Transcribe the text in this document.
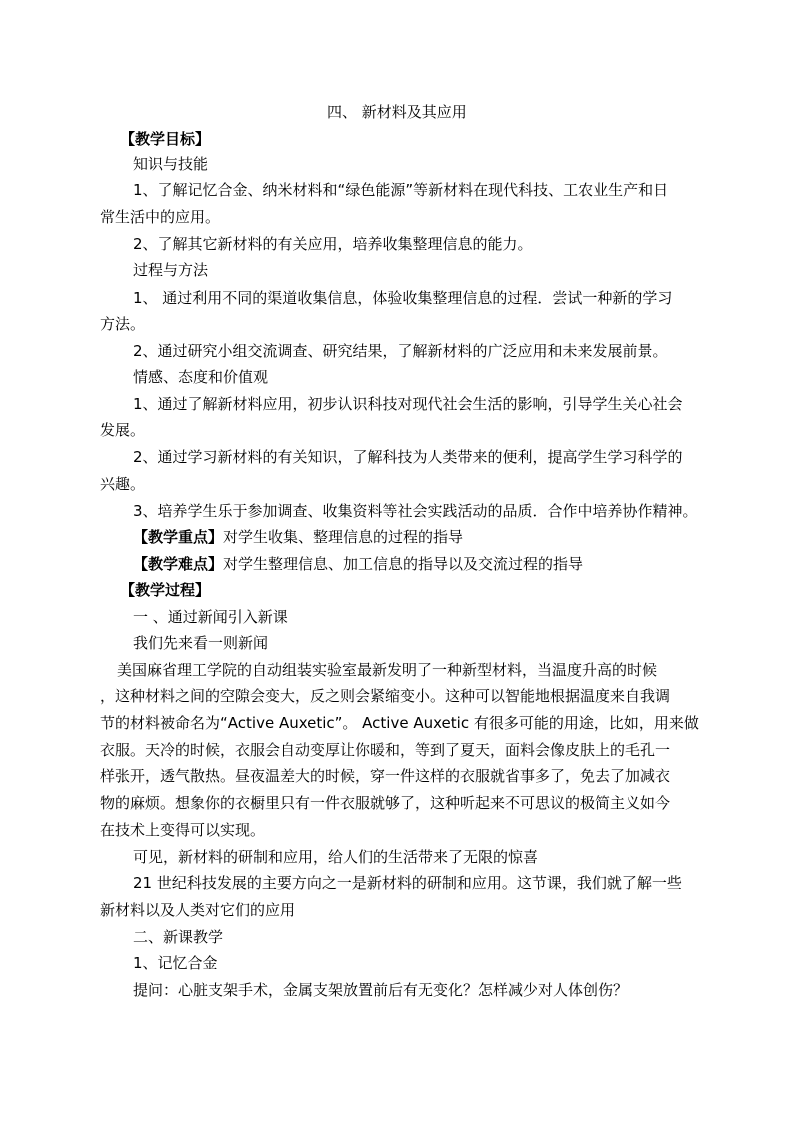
四、 新材料及其应用
【教学目标】
知识与技能
1、了解记忆合金、纳米材料和“绿色能源”等新材料在现代科技、工农业生产和日
常生活中的应用。
2、了解其它新材料的有关应用，培养收集整理信息的能力。
过程与方法
1、 通过利用不同的渠道收集信息，体验收集整理信息的过程．尝试一种新的学习
方法。
2、通过研究小组交流调查、研究结果，了解新材料的广泛应用和未来发展前景。
情感、态度和价值观
1、通过了解新材料应用，初步认识科技对现代社会生活的影响，引导学生关心社会
发展。
2、通过学习新材料的有关知识，了解科技为人类带来的便利，提高学生学习科学的
兴趣。
3、培养学生乐于参加调查、收集资料等社会实践活动的品质．合作中培养协作精神。
【教学重点】对学生收集、整理信息的过程的指导
【教学难点】对学生整理信息、加工信息的指导以及交流过程的指导
【教学过程】
一 、通过新闻引入新课
我们先来看一则新闻
美国麻省理工学院的自动组装实验室最新发明了一种新型材料，当温度升高的时候
，这种材料之间的空隙会变大，反之则会紧缩变小。这种可以智能地根据温度来自我调
节的材料被命名为“Active Auxetic”。 Active Auxetic 有很多可能的用途，比如，用来做
衣服。天冷的时候，衣服会自动变厚让你暖和，等到了夏天，面料会像皮肤上的毛孔一
样张开，透气散热。昼夜温差大的时候，穿一件这样的衣服就省事多了，免去了加减衣
物的麻烦。想象你的衣橱里只有一件衣服就够了，这种听起来不可思议的极简主义如今
在技术上变得可以实现。
可见，新材料的研制和应用，给人们的生活带来了无限的惊喜
21 世纪科技发展的主要方向之一是新材料的研制和应用。这节课，我们就了解一些
新材料以及人类对它们的应用
二、新课教学
1、记忆合金
提问：心脏支架手术，金属支架放置前后有无变化？怎样减少对人体创伤？
